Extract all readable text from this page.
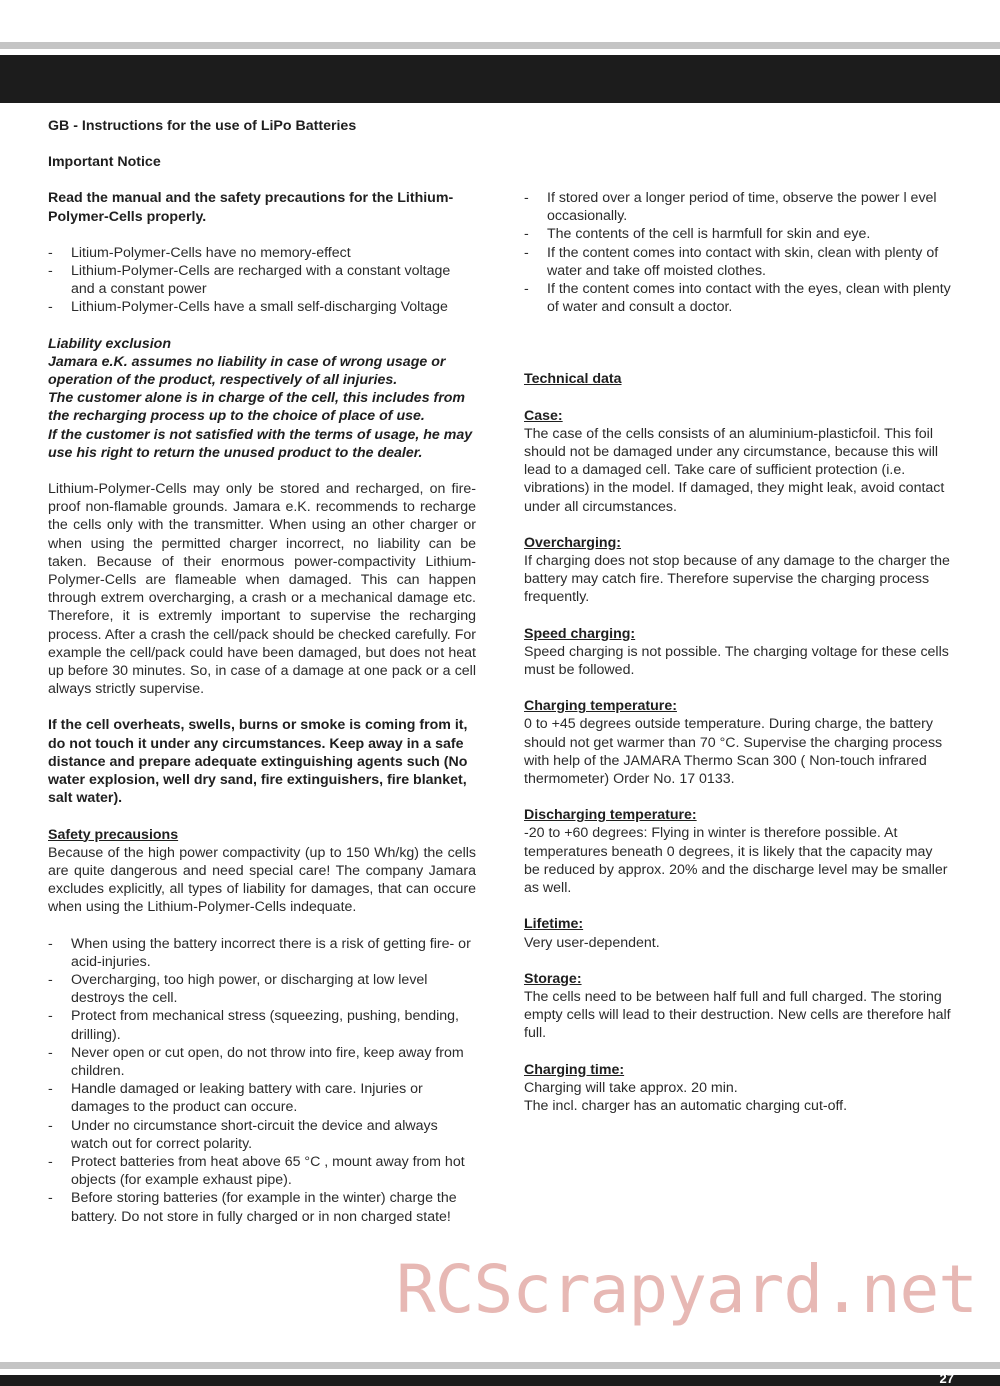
GB - Instructions for the use of LiPo Batteries

Important Notice

Read the manual and the safety precautions for the Lithium-Polymer-Cells properly.

- Litium-Polymer-Cells have no memory-effect
- Lithium-Polymer-Cells are recharged with a constant voltage and a constant power
- Lithium-Polymer-Cells have a small self-discharging Voltage

Liability exclusion

Jamara e.K. assumes no liability in case of wrong usage or operation of the product, respectively of all injuries.

The customer alone is in charge of the cell, this includes from the recharging process up to the choice of place of use.

If the customer is not satisfied with the terms of usage, he may use his right to return the unused product to the dealer.

Lithium-Polymer-Cells may only be stored and recharged, on fire-proof non-flamable grounds. Jamara e.K. recommends to recharge the cells only with the transmitter. When using an other charger or when using the permitted charger incorrect, no liability can be taken. Because of their enormous power-compactivity Lithium-Polymer-Cells are flameable when damaged. This can happen through extrem overcharging, a crash or a mechanical damage etc. Therefore, it is extremly important to supervise the recharging process. After a crash the cell/pack should be checked carefully. For example the cell/pack could have been damaged, but does not heat up before 30 minutes. So, in case of a damage at one pack or a cell always strictly supervise.

If the cell overheats, swells, burns or smoke is coming from it, do not touch it under any circumstances. Keep away in a safe distance and prepare adequate extinguishing agents such (No water explosion, well dry sand, fire extinguishers, fire blanket, salt water).

Safety precausions

Because of the high power compactivity (up to 150 Wh/kg) the cells are quite dangerous and need special care! The company Jamara excludes explicitly, all types of liability for damages, that can occure when using the Lithium-Polymer-Cells indequate.

- When using the battery incorrect there is a risk of getting fire- or acid-injuries.
- Overcharging, too high power, or discharging at low level destroys the cell.
- Protect from mechanical stress (squeezing, pushing, bending, drilling).
- Never open or cut open, do not throw into fire, keep away from children.
- Handle damaged or leaking battery with care. Injuries or damages to the product can occure.
- Under no circumstance short-circuit the device and always watch out for correct polarity.
- Protect batteries from heat above 65 °C , mount away from hot objects (for example exhaust pipe).
- Before storing batteries (for example in the winter) charge the battery. Do not store in fully charged or in non charged state!
- If stored over a longer period of time, observe the power l evel occasionally.
- The contents of the cell is harmfull for skin and eye.
- If the content comes into contact with skin, clean with plenty of water and take off moisted clothes.
- If the content comes into contact with the eyes, clean with plenty of water and consult a doctor.

Technical data

Case:

The case of the cells consists of an aluminium-plasticfoil. This foil should not be damaged under any circumstance, because this will lead to a damaged cell. Take care of sufficient protection (i.e. vibrations) in the model. If damaged, they might leak, avoid contact under all circumstances.

Overcharging:

If charging does not stop because of any damage to the charger the battery may catch fire. Therefore supervise the charging process frequently.

Speed charging:

Speed charging is not possible. The charging voltage for these cells must be followed.

Charging temperature:

0 to +45 degrees outside temperature. During charge, the battery should not get warmer than 70 °C. Supervise the charging process with help of the JAMARA Thermo Scan 300 ( Non-touch infrared thermometer) Order No. 17 0133.

Discharging temperature:

-20 to +60 degrees: Flying in winter is therefore possible. At temperatures beneath 0 degrees, it is likely that the capacity may be reduced by approx. 20% and the discharge level may be smaller as well.

Lifetime:

Very user-dependent.

Storage:

The cells need to be between half full and full charged. The storing empty cells will lead to their destruction. New cells are therefore half full.

Charging time:

Charging will take approx. 20 min.

The incl. charger has an automatic charging cut-off.

RCScrapyard.net
27
